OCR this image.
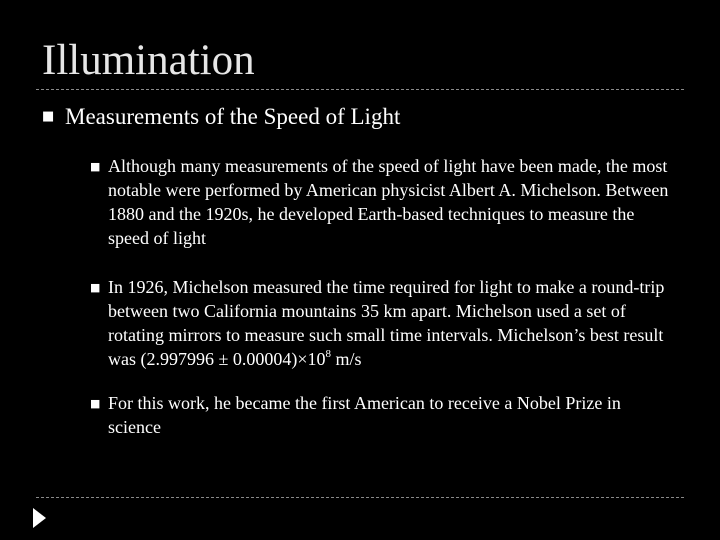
Illumination
■ Measurements of the Speed of Light
■ Although many measurements of the speed of light have been made, the most notable were performed by American physicist Albert A. Michelson. Between 1880 and the 1920s, he developed Earth-based techniques to measure the speed of light
■ In 1926, Michelson measured the time required for light to make a round-trip between two California mountains 35 km apart. Michelson used a set of rotating mirrors to measure such small time intervals. Michelson’s best result was $(2.997996 \pm 0.00004)\times 10^8$ m/s
■ For this work, he became the first American to receive a Nobel Prize in science
